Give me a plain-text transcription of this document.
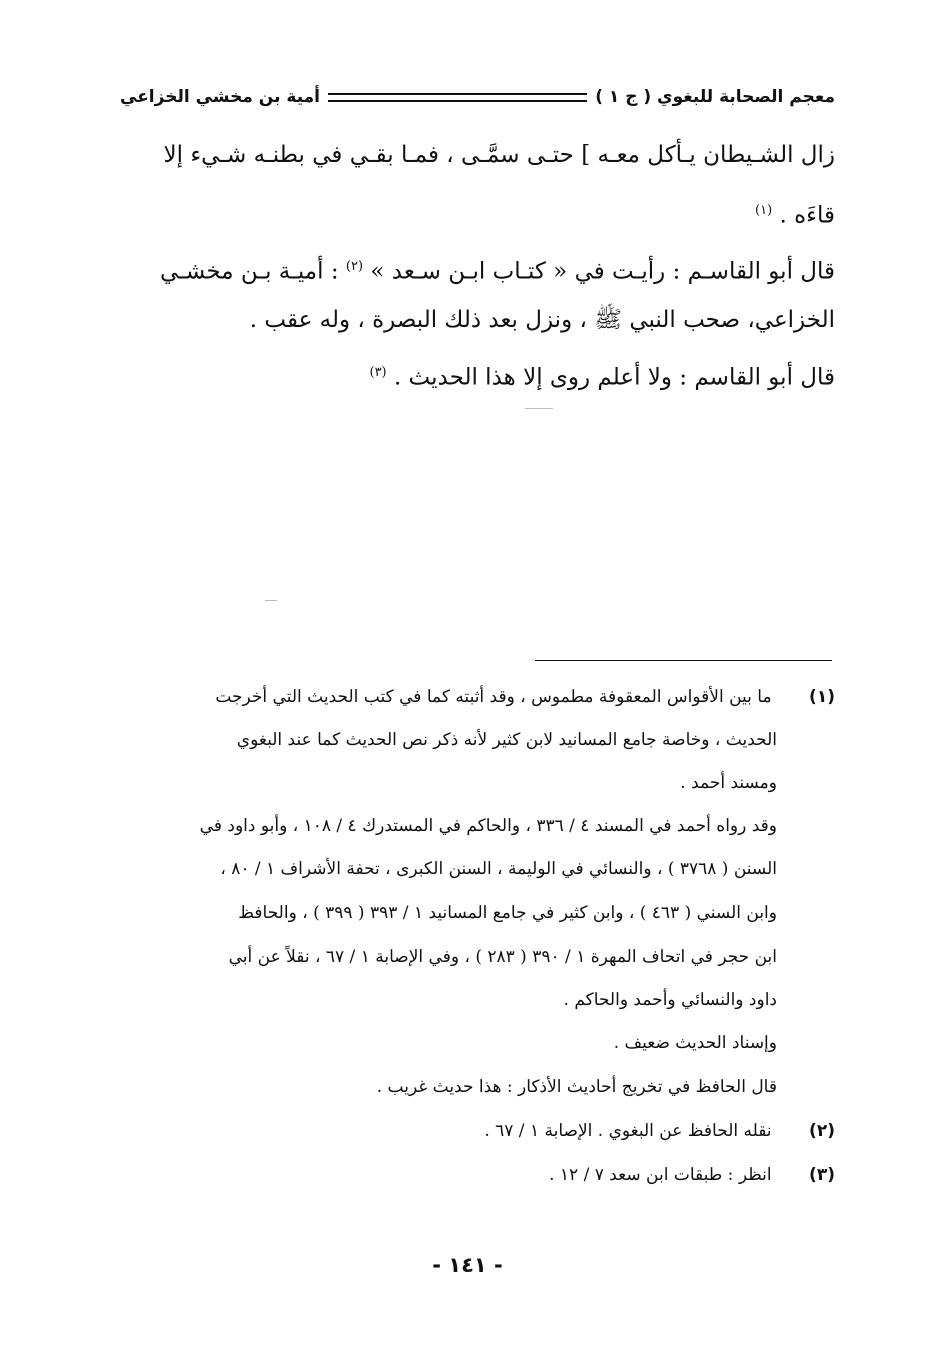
معجم الصحابة للبغوي ( ج ١ )
أمية بن مخشي الخزاعي
زال الشـيطان يـأكل معـه ] حتـى سمَّـى ، فمـا بقـي في بطنـه شـيء إلا
قاءَه . $^{(١)}$
قال أبو القاسـم : رأيـت في « كتـاب ابـن سـعد » $^{(٢)}$ : أميـة بـن مخشـي
الخزاعي، صحب النبي ﷺ ، ونزل بعد ذلك البصرة ، وله عقب .
قال أبو القاسم : ولا أعلم روى إلا هذا الحديث . $^{(٣)}$
(١) ما بين الأقواس المعقوفة مطموس ، وقد أثبته كما في كتب الحديث التي أخرجت
الحديث ، وخاصة جامع المسانيد لابن كثير لأنه ذكر نص الحديث كما عند البغوي
ومسند أحمد .
وقد رواه أحمد في المسند ٤ / ٣٣٦ ، والحاكم في المستدرك ٤ / ١٠٨ ، وأبو داود في
السنن ( ٣٧٦٨ ) ، والنسائي في الوليمة ، السنن الكبرى ، تحفة الأشراف ١ / ٨٠ ،
وابن السني ( ٤٦٣ ) ، وابن كثير في جامع المسانيد ١ / ٣٩٣ ( ٣٩٩ ) ، والحافظ
ابن حجر في اتحاف المهرة ١ / ٣٩٠ ( ٢٨٣ ) ، وفي الإصابة ١ / ٦٧ ، نقلاً عن أبي
داود والنسائي وأحمد والحاكم .
وإسناد الحديث ضعيف .
قال الحافظ في تخريج أحاديث الأذكار : هذا حديث غريب .
(٢) نقله الحافظ عن البغوي . الإصابة ١ / ٦٧ .
(٣) انظر : طبقات ابن سعد ٧ / ١٢ .
- ١٤١ -
